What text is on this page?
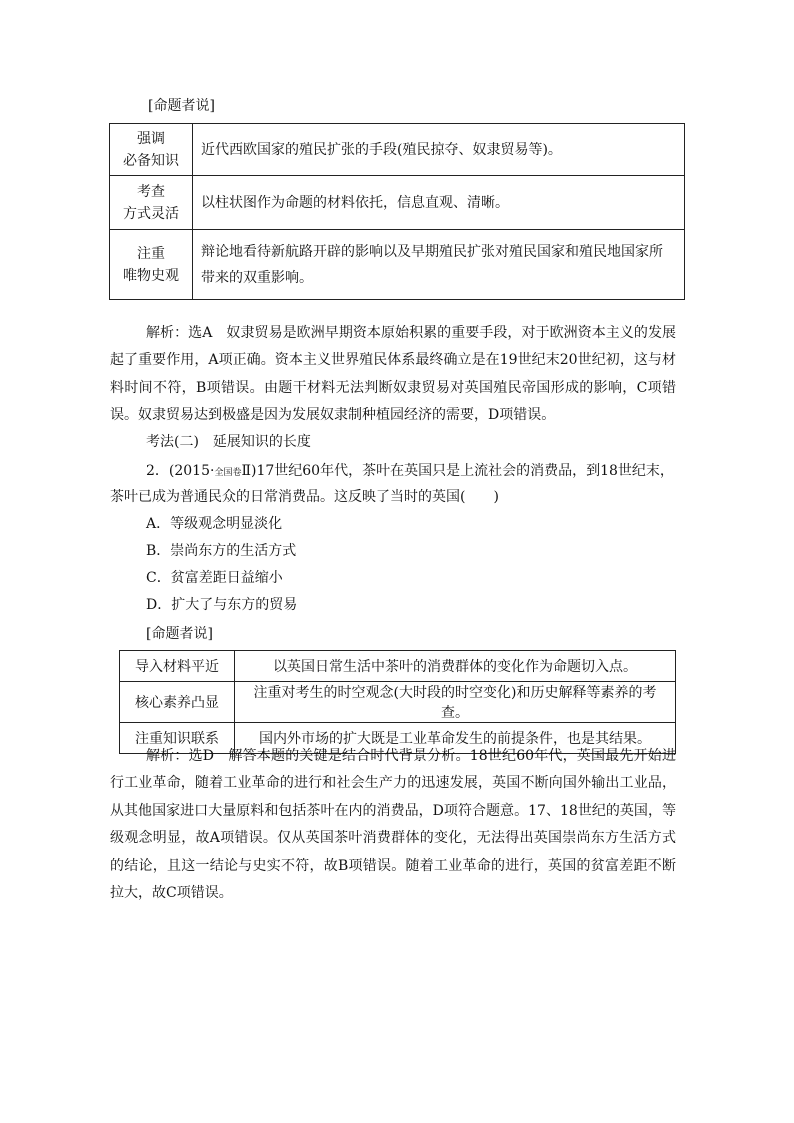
[命题者说]
强调
必备知识	近代西欧国家的殖民扩张的手段(殖民掠夺、奴隶贸易等)。

考查
方式灵活	以柱状图作为命题的材料依托，信息直观、清晰。

注重
唯物史观	辩论地看待新航路开辟的影响以及早期殖民扩张对殖民国家和殖民地国家所带来的双重影响。
解析：选A　奴隶贸易是欧洲早期资本原始积累的重要手段，对于欧洲资本主义的发展起了重要作用，A项正确。资本主义世界殖民体系最终确立是在19世纪末20世纪初，这与材料时间不符，B项错误。由题干材料无法判断奴隶贸易对英国殖民帝国形成的影响，C项错误。奴隶贸易达到极盛是因为发展奴隶制种植园经济的需要，D项错误。
考法(二)　延展知识的长度
2．(2015·全国卷Ⅱ)17世纪60年代，茶叶在英国只是上流社会的消费品，到18世纪末，
茶叶已成为普通民众的日常消费品。这反映了当时的英国(　　)
A．等级观念明显淡化
B．崇尚东方的生活方式
C．贫富差距日益缩小
D．扩大了与东方的贸易
[命题者说]
导入材料平近	以英国日常生活中茶叶的消费群体的变化作为命题切入点。
核心素养凸显	注重对考生的时空观念(大时段的时空变化)和历史解释等素养的考查。
注重知识联系	国内外市场的扩大既是工业革命发生的前提条件，也是其结果。
解析：选D　解答本题的关键是结合时代背景分析。18世纪60年代，英国最先开始进行工业革命，随着工业革命的进行和社会生产力的迅速发展，英国不断向国外输出工业品，从其他国家进口大量原料和包括茶叶在内的消费品，D项符合题意。17、18世纪的英国，等级观念明显，故A项错误。仅从英国茶叶消费群体的变化，无法得出英国崇尚东方生活方式的结论，且这一结论与史实不符，故B项错误。随着工业革命的进行，英国的贫富差距不断拉大，故C项错误。
